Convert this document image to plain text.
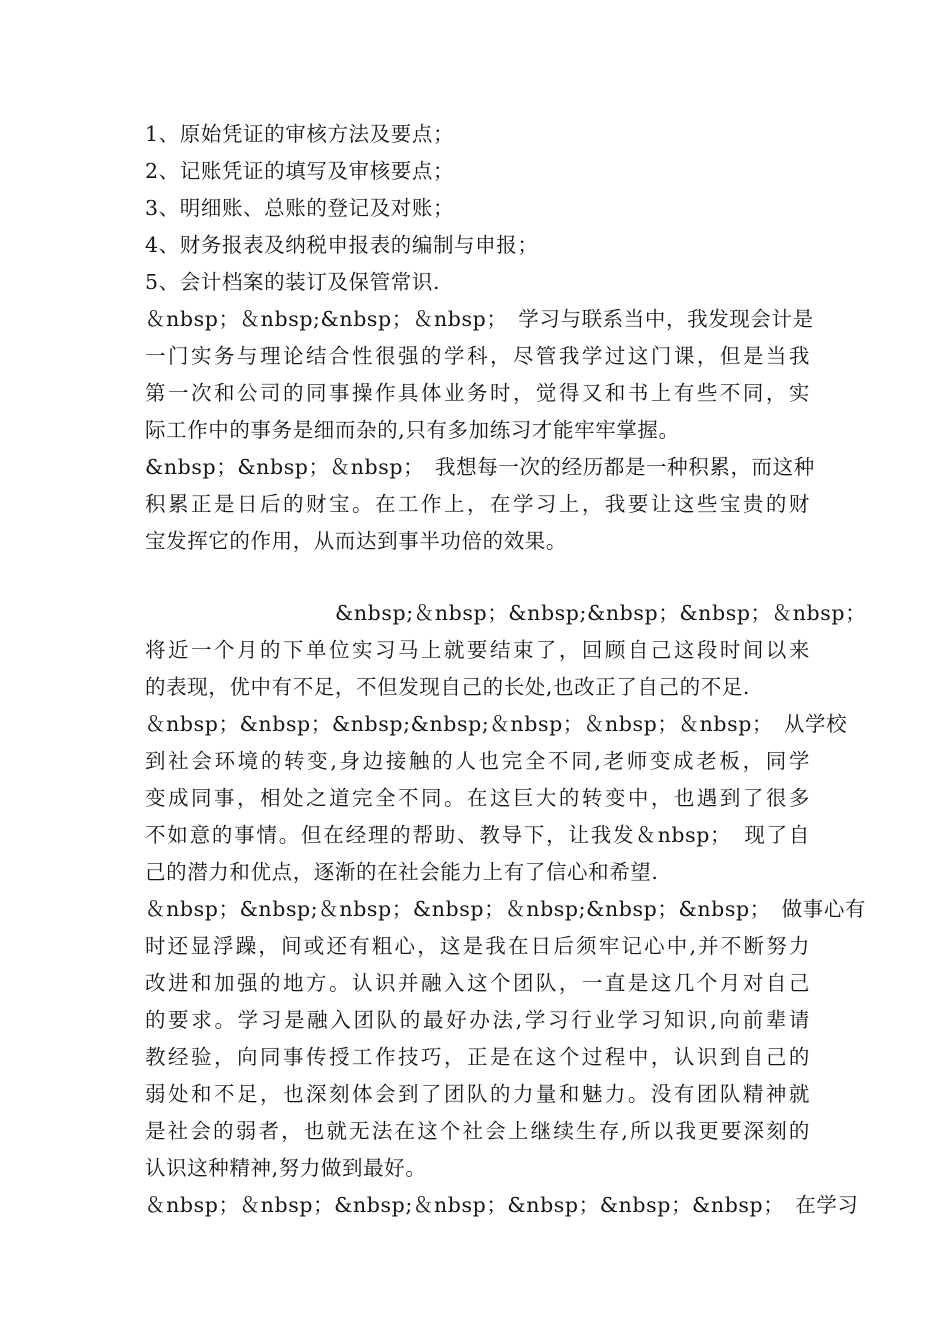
1、原始凭证的审核方法及要点；

2、记账凭证的填写及审核要点；

3、明细账、总账的登记及对账；

4、财务报表及纳税申报表的编制与申报；

5、会计档案的装订及保管常识.

＆nbsp；＆nbsp;&nbsp；＆nbsp；　学习与联系当中，我发现会计是

一门实务与理论结合性很强的学科，尽管我学过这门课，但是当我

第一次和公司的同事操作具体业务时，觉得又和书上有些不同，实

际工作中的事务是细而杂的,只有多加练习才能牢牢掌握。

&nbsp；&nbsp；＆nbsp；　我想每一次的经历都是一种积累，而这种

积累正是日后的财宝。在工作上，在学习上，我要让这些宝贵的财

宝发挥它的作用，从而达到事半功倍的效果。

&nbsp;＆nbsp；&nbsp;&nbsp；&nbsp；＆nbsp；

将近一个月的下单位实习马上就要结束了，回顾自己这段时间以来

的表现，优中有不足，不但发现自己的长处,也改正了自己的不足.

＆nbsp；&nbsp；&nbsp;&nbsp;＆nbsp；＆nbsp；＆nbsp；　从学校

到社会环境的转变,身边接触的人也完全不同,老师变成老板，同学

变成同事，相处之道完全不同。在这巨大的转变中，也遇到了很多

不如意的事情。但在经理的帮助、教导下，让我发＆nbsp；　现了自

己的潜力和优点，逐渐的在社会能力上有了信心和希望.

＆nbsp；&nbsp;＆nbsp；&nbsp；＆nbsp;&nbsp；&nbsp；　做事心有

时还显浮躁，间或还有粗心，这是我在日后须牢记心中,并不断努力

改进和加强的地方。认识并融入这个团队，一直是这几个月对自己

的要求。学习是融入团队的最好办法,学习行业学习知识,向前辈请

教经验，向同事传授工作技巧，正是在这个过程中，认识到自己的

弱处和不足，也深刻体会到了团队的力量和魅力。没有团队精神就

是社会的弱者，也就无法在这个社会上继续生存,所以我更要深刻的

认识这种精神,努力做到最好。

＆nbsp；＆nbsp；&nbsp;＆nbsp；&nbsp；&nbsp；&nbsp；　在学习
